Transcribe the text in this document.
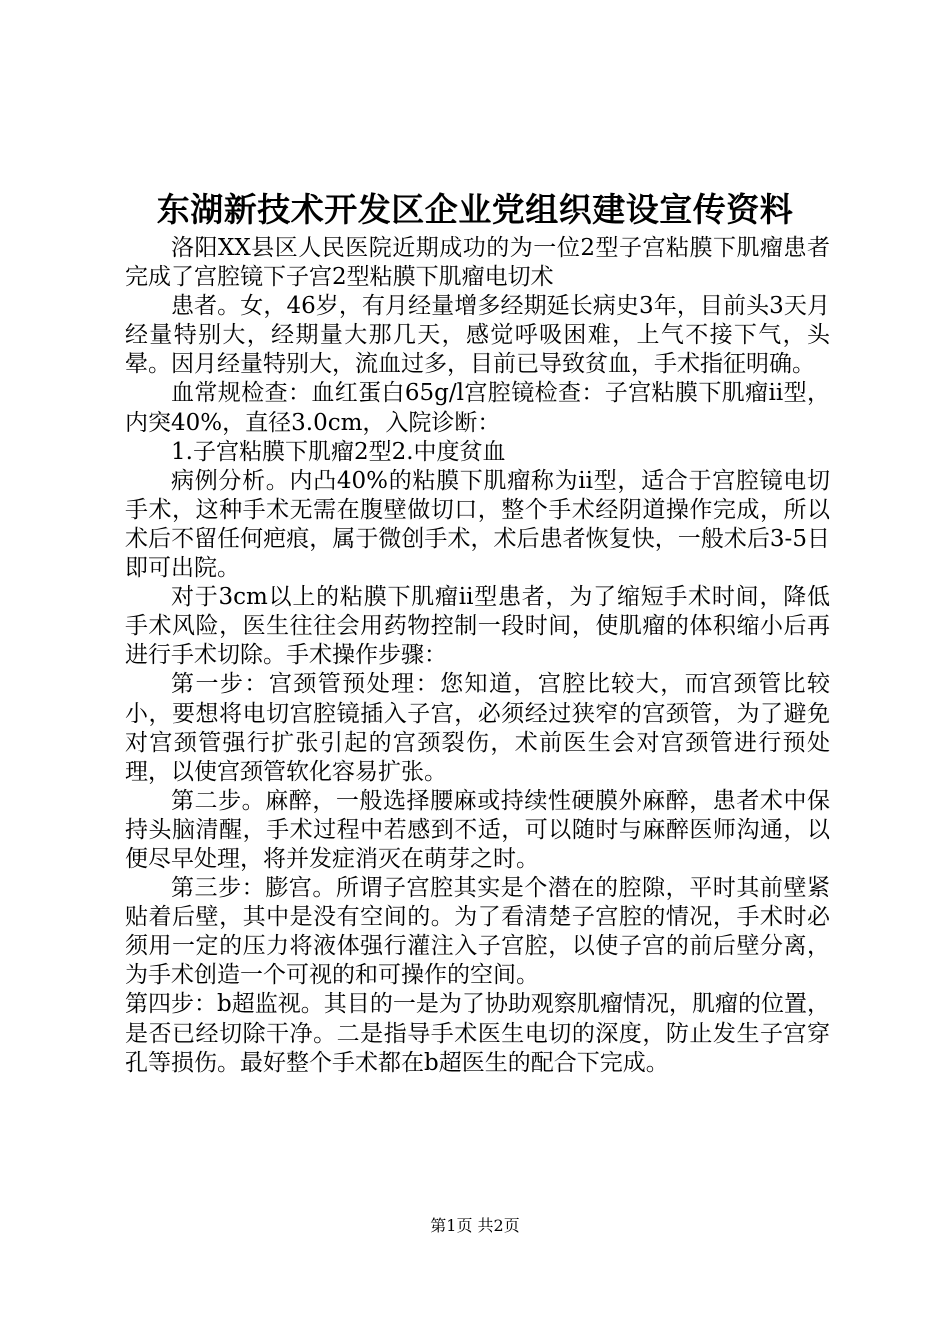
东湖新技术开发区企业党组织建设宣传资料

洛阳XX县区人民医院近期成功的为一位2型子宫粘膜下肌瘤患者完成了宫腔镜下子宫2型粘膜下肌瘤电切术

患者。女，46岁，有月经量增多经期延长病史3年，目前头3天月经量特别大，经期量大那几天，感觉呼吸困难，上气不接下气，头晕。因月经量特别大，流血过多，目前已导致贫血，手术指征明确。

血常规检查：血红蛋白65g/l宫腔镜检查：子宫粘膜下肌瘤ii型，内突40%，直径3.0cm，入院诊断：

1.子宫粘膜下肌瘤2型2.中度贫血

病例分析。内凸40%的粘膜下肌瘤称为ii型，适合于宫腔镜电切手术，这种手术无需在腹壁做切口，整个手术经阴道操作完成，所以术后不留任何疤痕，属于微创手术，术后患者恢复快，一般术后3-5日即可出院。

对于3cm以上的粘膜下肌瘤ii型患者，为了缩短手术时间，降低手术风险，医生往往会用药物控制一段时间，使肌瘤的体积缩小后再进行手术切除。手术操作步骤：

第一步：宫颈管预处理：您知道，宫腔比较大，而宫颈管比较小，要想将电切宫腔镜插入子宫，必须经过狭窄的宫颈管，为了避免对宫颈管强行扩张引起的宫颈裂伤，术前医生会对宫颈管进行预处理，以使宫颈管软化容易扩张。

第二步。麻醉，一般选择腰麻或持续性硬膜外麻醉，患者术中保持头脑清醒，手术过程中若感到不适，可以随时与麻醉医师沟通，以便尽早处理，将并发症消灭在萌芽之时。

第三步：膨宫。所谓子宫腔其实是个潜在的腔隙，平时其前壁紧贴着后壁，其中是没有空间的。为了看清楚子宫腔的情况，手术时必须用一定的压力将液体强行灌注入子宫腔，以使子宫的前后壁分离，为手术创造一个可视的和可操作的空间。

第四步：b超监视。其目的一是为了协助观察肌瘤情况，肌瘤的位置，是否已经切除干净。二是指导手术医生电切的深度，防止发生子宫穿孔等损伤。最好整个手术都在b超医生的配合下完成。

第1页 共2页
